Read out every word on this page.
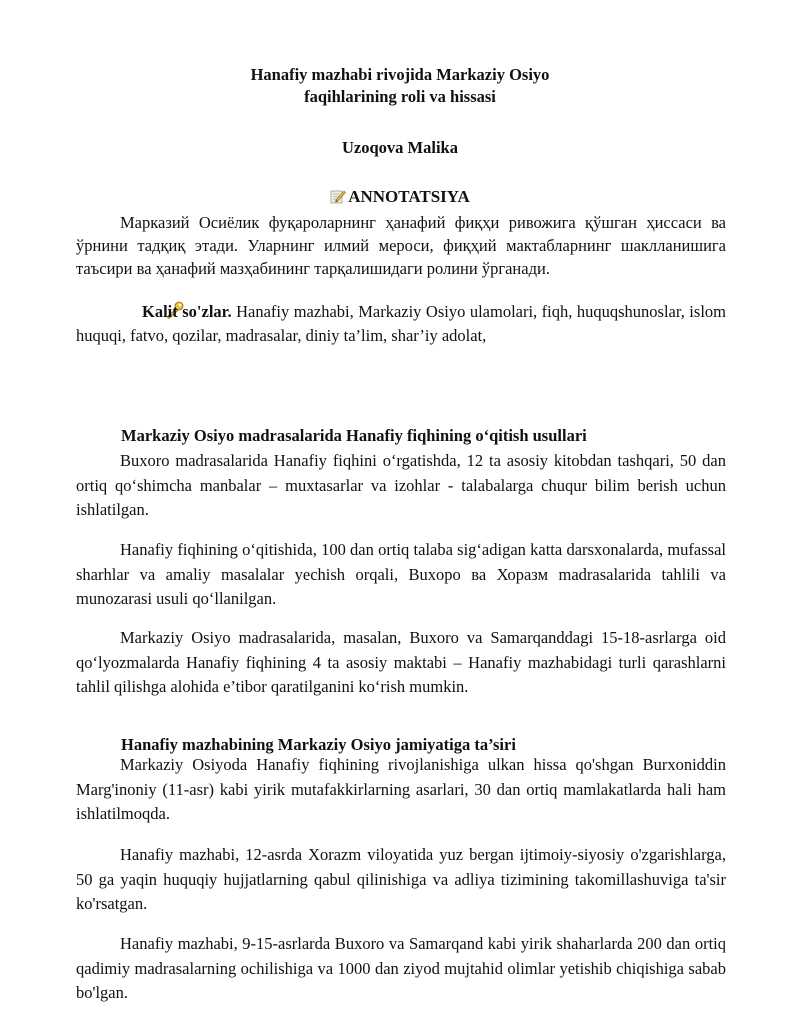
Hanafiy mazhabi rivojida Markaziy Osiyo
faqihlarining roli va hissasi
Uzoqova Malika
ANNOTATSIYA

Марказий Осиёлик фуқароларнинг ҳанафий фиқҳи ривожига қўшган ҳиссаси ва ўрнини тадқиқ этади. Уларнинг илмий мероси, фиқҳий мактабларнинг шаклланишига таъсири ва ҳанафий мазҳабининг тарқалишидаги ролини ўрганади.

Kalit so'zlar. Hanafiy mazhabi, Markaziy Osiyo ulamolari, fiqh, huquqshunoslar, islom huquqi, fatvo, qozilar, madrasalar, diniy ta’lim, shar’iy adolat,

Markaziy Osiyo madrasalarida Hanafiy fiqhining o‘qitish usullari

Buxoro madrasalarida Hanafiy fiqhini o‘rgatishda, 12 ta asosiy kitobdan tashqari, 50 dan ortiq qo‘shimcha manbalar – muxtasarlar va izohlar - talabalarga chuqur bilim berish uchun ishlatilgan.

Hanafiy fiqhining o‘qitishida, 100 dan ortiq talaba sig‘adigan katta darsxonalarda, mufassal sharhlar va amaliy masalalar yechish orqali, Buxоро ва Хоразм madrasalarida tahlili va munozarasi usuli qo‘llanilgan.

Markaziy Osiyo madrasalarida, masalan, Buxoro va Samarqanddagi 15-18-asrlarga oid qo‘lyozmalarda Hanafiy fiqhining 4 ta asosiy maktabi – Hanafiy mazhabidagi turli qarashlarni tahlil qilishga alohida e’tibor qaratilganini ko‘rish mumkin.

Hanafiy mazhabining Markaziy Osiyo jamiyatiga ta’siri

Markaziy Osiyoda Hanafiy fiqhining rivojlanishiga ulkan hissa qo'shgan Burxoniddin Marg'inoniy (11-asr) kabi yirik mutafakkirlarning asarlari, 30 dan ortiq mamlakatlarda hali ham ishlatilmoqda.

Hanafiy mazhabi, 12-asrda Xorazm viloyatida yuz bergan ijtimoiy-siyosiy o'zgarishlarga, 50 ga yaqin huquqiy hujjatlarning qabul qilinishiga va adliya tizimining takomillashuviga ta'sir ko'rsatgan.

Hanafiy mazhabi, 9-15-asrlarda Buxoro va Samarqand kabi yirik shaharlarda 200 dan ortiq qadimiy madrasalarning ochilishiga va 1000 dan ziyod mujtahid olimlar yetishib chiqishiga sabab bo'lgan.
